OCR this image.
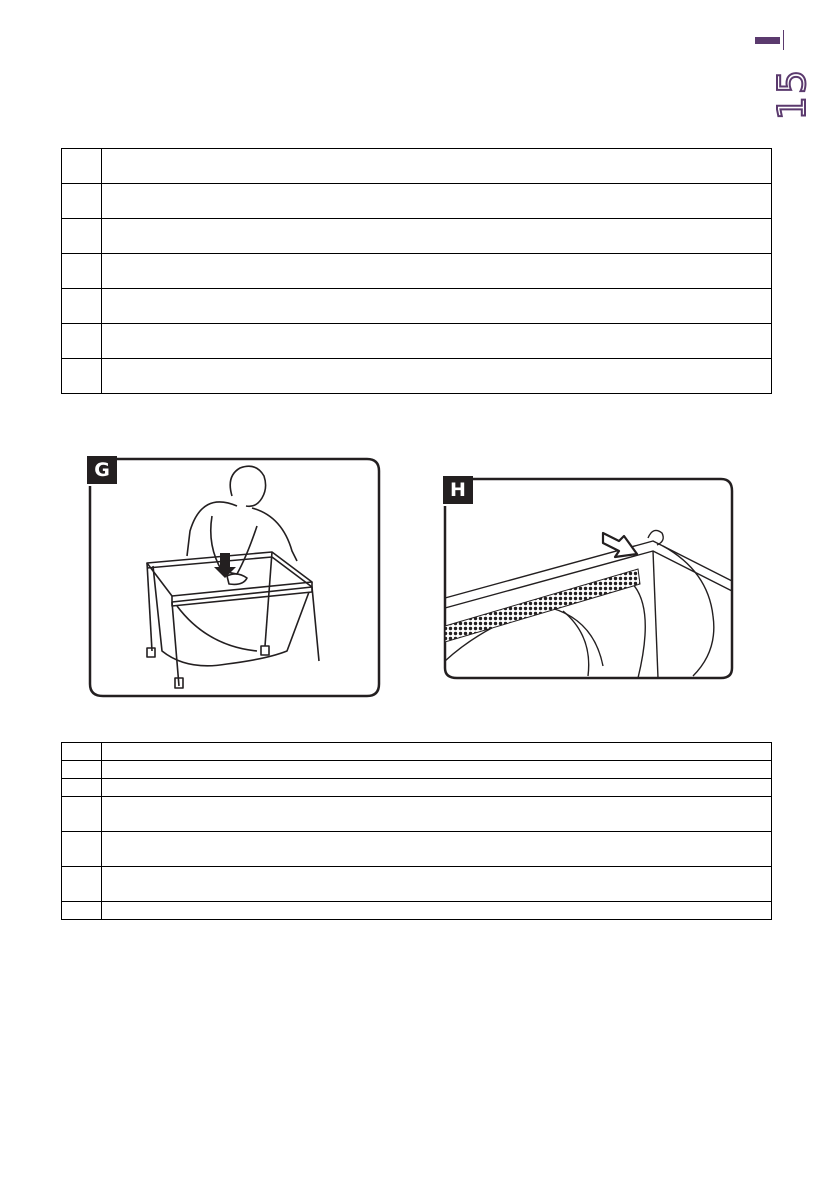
15

G
H
